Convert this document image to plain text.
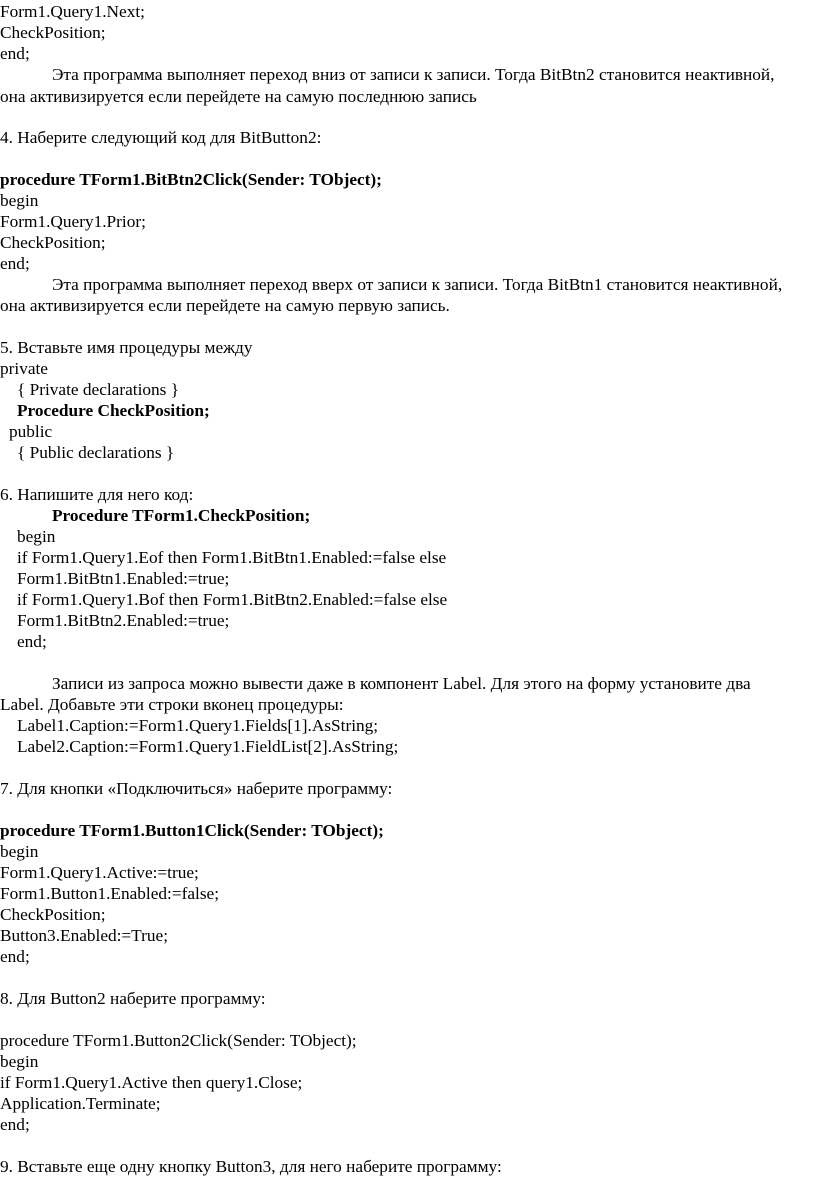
Form1.Query1.Next;
CheckPosition;
end;
Эта программа выполняет переход вниз от записи к записи. Тогда BitBtn2 становится неактивной,
она активизируется если перейдете на самую последнюю запись
4. Наберите следующий код для BitButton2:
procedure TForm1.BitBtn2Click(Sender: TObject);
begin
Form1.Query1.Prior;
CheckPosition;
end;
Эта программа выполняет переход вверх от записи к записи. Тогда BitBtn1 становится неактивной,
она активизируется если перейдете на самую первую запись.
5. Вставьте имя процедуры между
private
{ Private declarations }
Procedure CheckPosition;
public
{ Public declarations }
6. Напишите для него код:
Procedure TForm1.CheckPosition;
begin
if Form1.Query1.Eof then Form1.BitBtn1.Enabled:=false else
Form1.BitBtn1.Enabled:=true;
if Form1.Query1.Bof then Form1.BitBtn2.Enabled:=false else
Form1.BitBtn2.Enabled:=true;
end;
Записи из запроса можно вывести даже в компонент Label. Для этого на форму установите два
Label. Добавьте эти строки вконец процедуры:
Label1.Caption:=Form1.Query1.Fields[1].AsString;
Label2.Caption:=Form1.Query1.FieldList[2].AsString;
7. Для кнопки «Подключиться» наберите программу:
procedure TForm1.Button1Click(Sender: TObject);
begin
Form1.Query1.Active:=true;
Form1.Button1.Enabled:=false;
CheckPosition;
Button3.Enabled:=True;
end;
8. Для Button2 наберите программу:
procedure TForm1.Button2Click(Sender: TObject);
begin
if Form1.Query1.Active then query1.Close;
Application.Terminate;
end;
9. Вставьте еще одну кнопку Button3, для него наберите программу:
